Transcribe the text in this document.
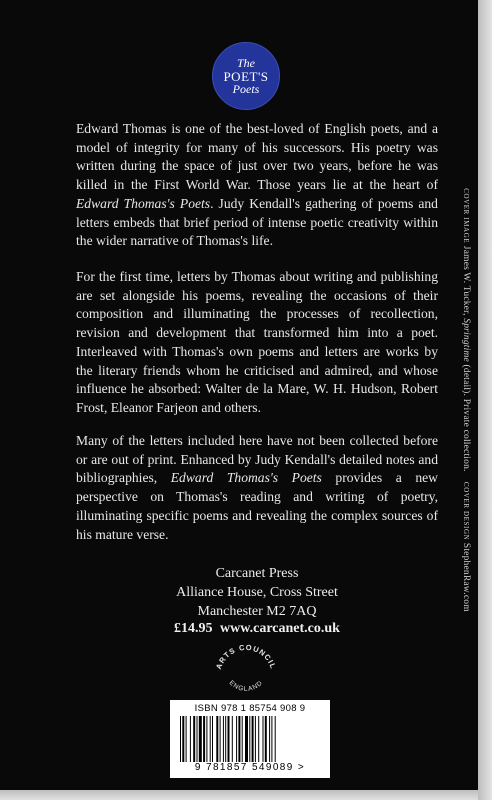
The
POET'S
Poets

Edward Thomas is one of the best-loved of English poets, and a model of integrity for many of his successors. His poetry was written during the space of just over two years, before he was killed in the First World War. Those years lie at the heart of Edward Thomas's Poets. Judy Kendall's gathering of poems and letters embeds that brief period of intense poetic creativity within the wider narrative of Thomas's life.

For the first time, letters by Thomas about writing and publishing are set alongside his poems, revealing the occasions of their composition and illuminating the processes of recollection, revision and development that transformed him into a poet. Interleaved with Thomas's own poems and letters are works by the literary friends whom he criticised and admired, and whose influence he absorbed: Walter de la Mare, W. H. Hudson, Robert Frost, Eleanor Farjeon and others.

Many of the letters included here have not been collected before or are out of print. Enhanced by Judy Kendall's detailed notes and bibliographies, Edward Thomas's Poets provides a new perspective on Thomas's reading and writing of poetry, illuminating specific poems and revealing the complex sources of his mature verse.

Carcanet Press
Alliance House, Cross Street
Manchester M2 7AQ
£14.95 www.carcanet.co.uk
ARTS COUNCIL
ENGLAND
ISBN 978 1 85754 908 9
9 781857 549089 >
COVER IMAGE James W. Tucker, Springtime (detail). Private collection.    COVER DESIGN StephenRaw.com
